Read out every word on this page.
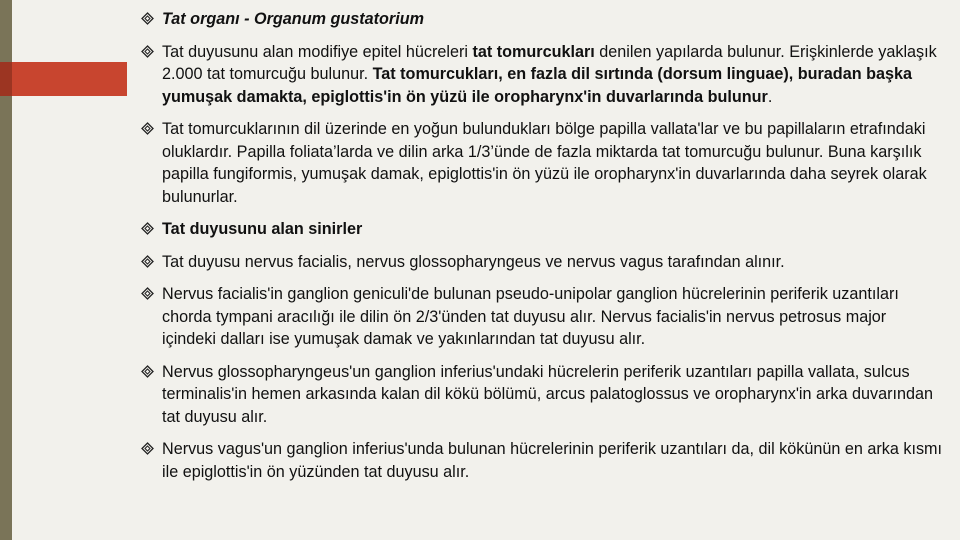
Tat organı - Organum gustatorium
Tat duyusunu alan modifiye epitel hücreleri tat tomurcukları denilen yapılarda bulunur. Erişkinlerde yaklaşık 2.000 tat tomurcuğu bulunur. Tat tomurcukları, en fazla dil sırtında (dorsum linguae), buradan başka yumuşak damakta, epiglottis'in ön yüzü ile oropharynx'in duvarlarında bulunur.
Tat tomurcuklarının dil üzerinde en yoğun bulundukları bölge papilla vallata'lar ve bu papillaların etrafındaki oluklardır. Papilla foliata’larda ve dilin arka 1/3’ünde de fazla miktarda tat tomurcuğu bulunur. Buna karşılık papilla fungiformis, yumuşak damak, epiglottis'in ön yüzü ile oropharynx'in duvarlarında daha seyrek olarak bulunurlar.
Tat duyusunu alan sinirler
Tat duyusu nervus facialis, nervus glossopharyngeus ve nervus vagus tarafından alınır.
Nervus facialis'in ganglion geniculi'de bulunan pseudo-unipolar ganglion hücrelerinin periferik uzantıları chorda tympani aracılığı ile dilin ön 2/3'ünden tat duyusu alır. Nervus facialis'in nervus petrosus major içindeki dalları ise yumuşak damak ve yakınlarından tat duyusu alır.
Nervus glossopharyngeus'un ganglion inferius'undaki hücrelerin periferik uzantıları papilla vallata, sulcus terminalis'in hemen arkasında kalan dil kökü bölümü, arcus palatoglossus ve oropharynx'in arka duvarından tat duyusu alır.
Nervus vagus'un ganglion inferius'unda bulunan hücrelerinin periferik uzantıları da, dil kökünün en arka kısmı ile epiglottis'in ön yüzünden tat duyusu alır.
